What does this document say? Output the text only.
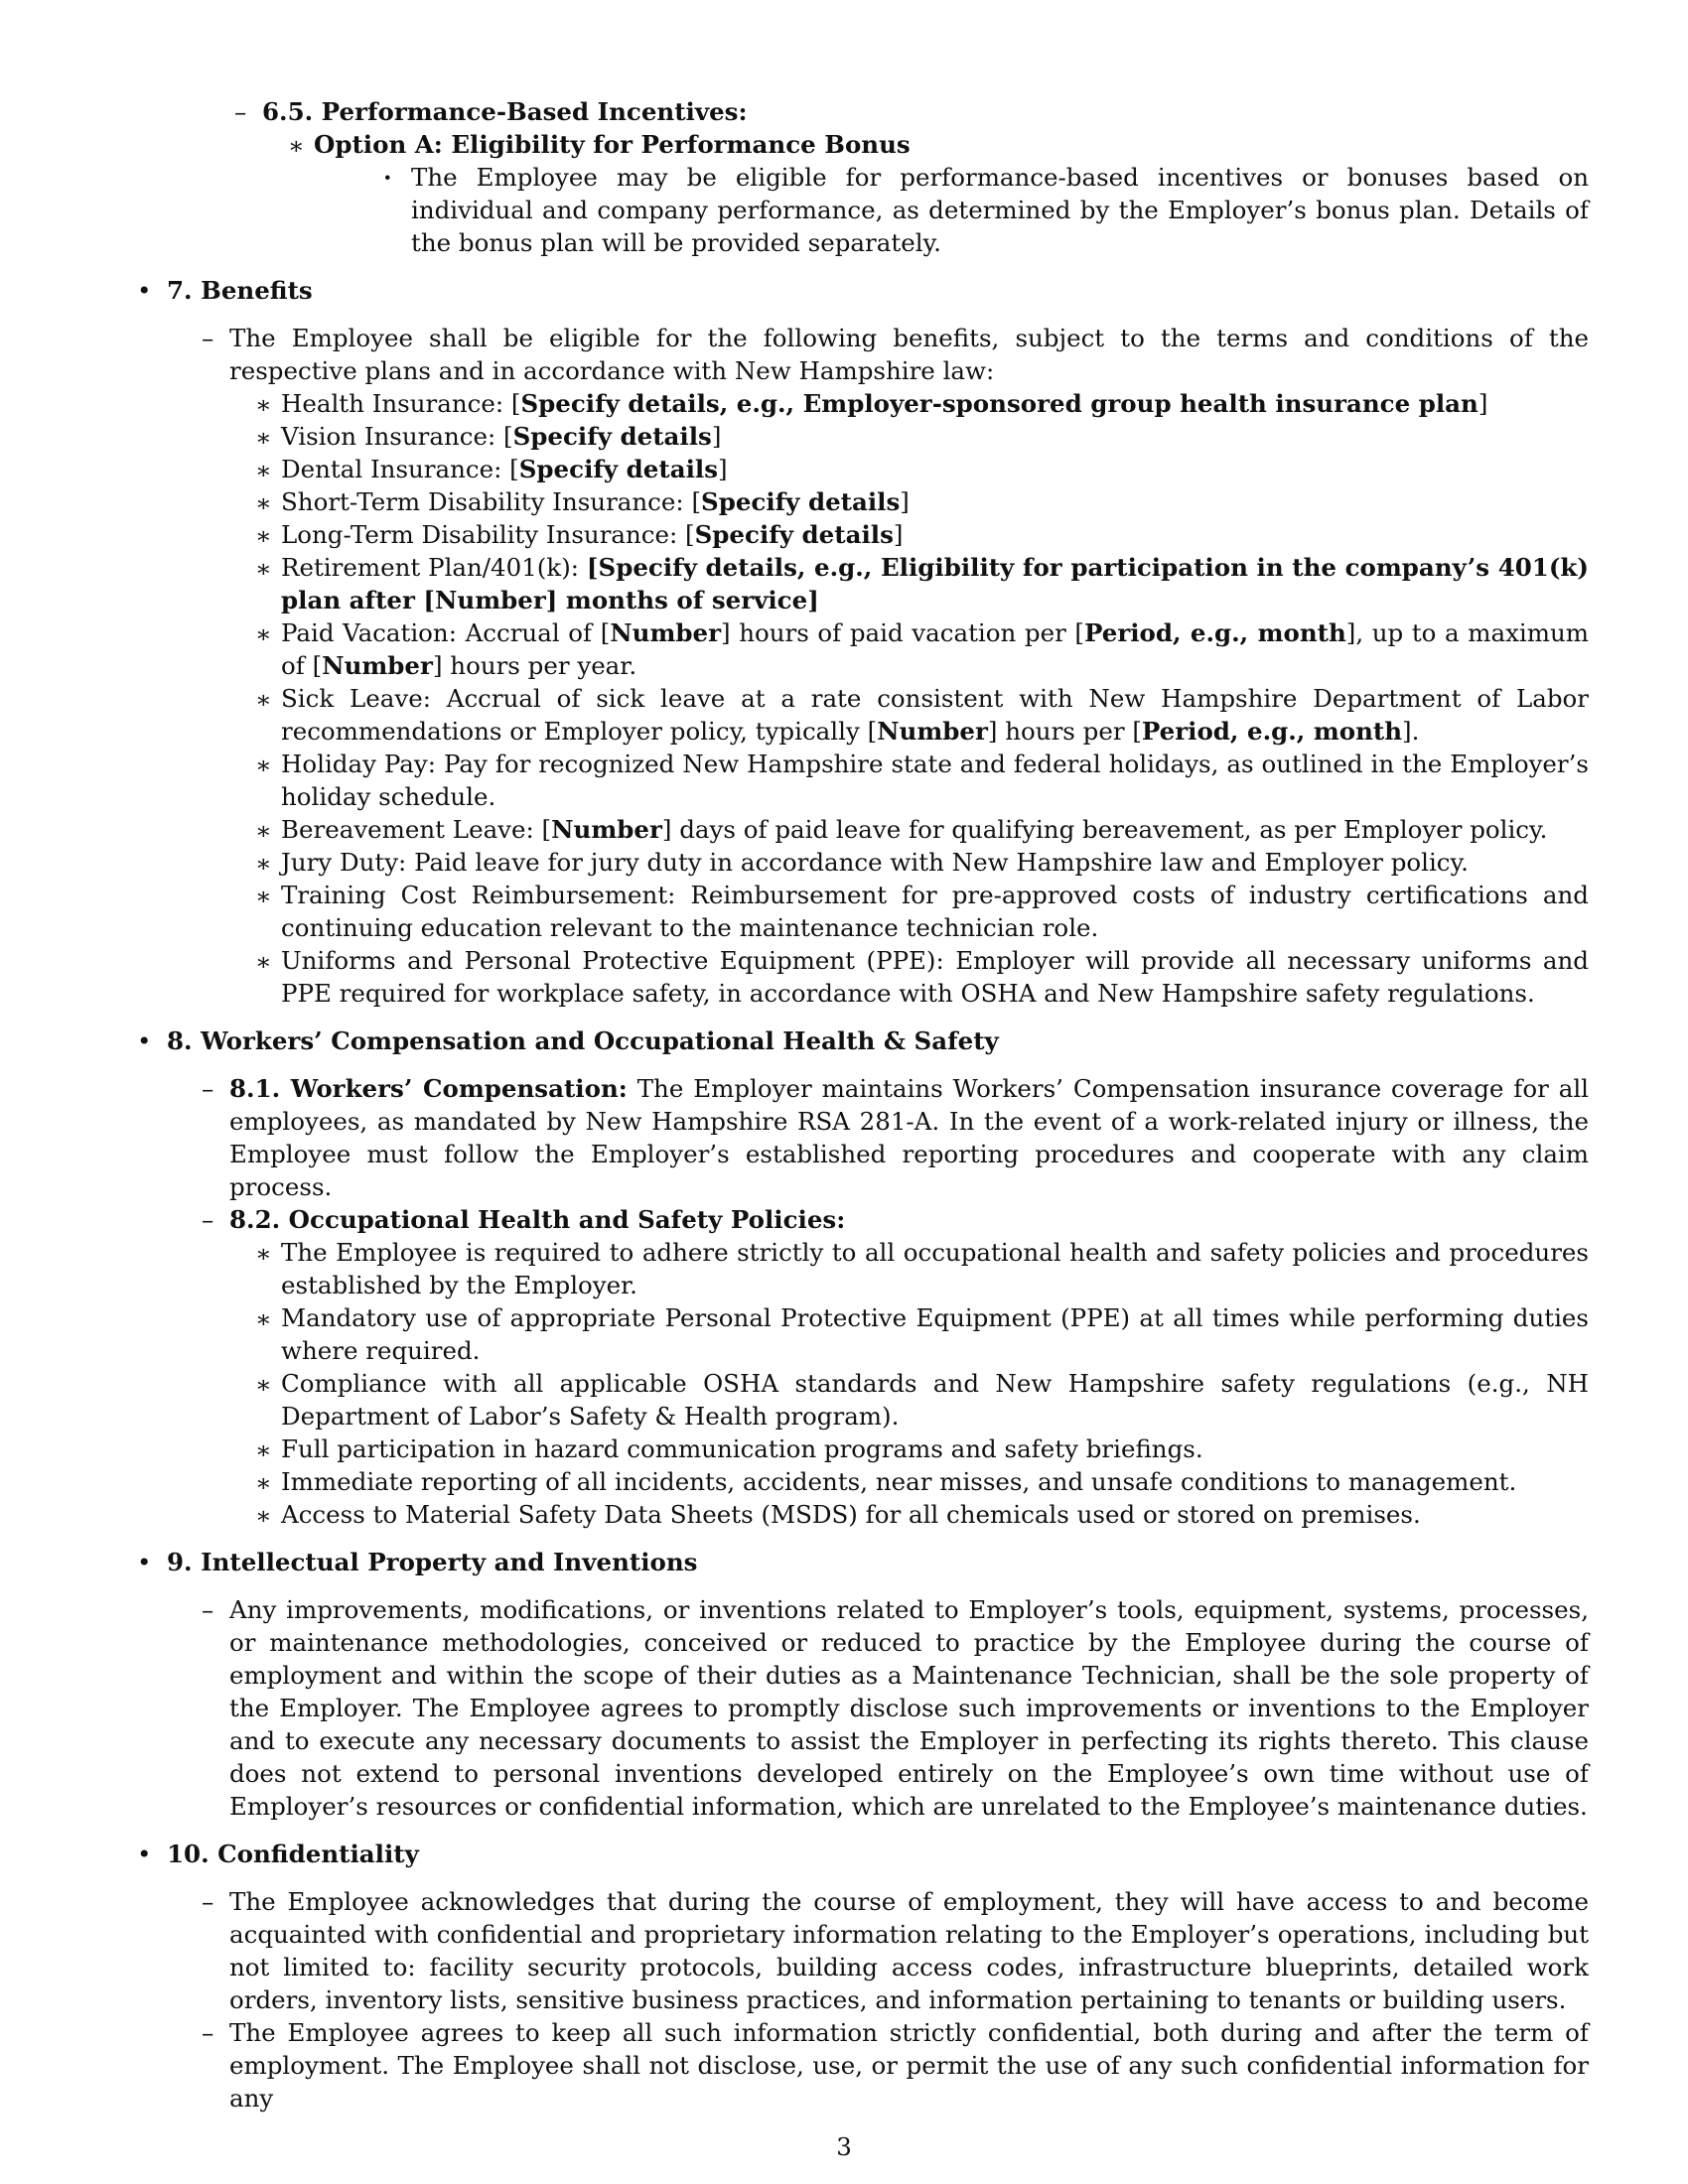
– 6.5. Performance-Based Incentives:
∗ Option A: Eligibility for Performance Bonus
· The Employee may be eligible for performance-based incentives or bonuses based on individual and company performance, as determined by the Employer’s bonus plan. Details of the bonus plan will be provided separately.
• 7. Benefits
– The Employee shall be eligible for the following benefits, subject to the terms and conditions of the respective plans and in accordance with New Hampshire law:
∗ Health Insurance: [Specify details, e.g., Employer-sponsored group health insurance plan]
∗ Vision Insurance: [Specify details]
∗ Dental Insurance: [Specify details]
∗ Short-Term Disability Insurance: [Specify details]
∗ Long-Term Disability Insurance: [Specify details]
∗ Retirement Plan/401(k): [Specify details, e.g., Eligibility for participation in the company’s 401(k) plan after [Number] months of service]
∗ Paid Vacation: Accrual of [Number] hours of paid vacation per [Period, e.g., month], up to a maximum of [Number] hours per year.
∗ Sick Leave: Accrual of sick leave at a rate consistent with New Hampshire Department of Labor recommendations or Employer policy, typically [Number] hours per [Period, e.g., month].
∗ Holiday Pay: Pay for recognized New Hampshire state and federal holidays, as outlined in the Employer’s holiday schedule.
∗ Bereavement Leave: [Number] days of paid leave for qualifying bereavement, as per Employer policy.
∗ Jury Duty: Paid leave for jury duty in accordance with New Hampshire law and Employer policy.
∗ Training Cost Reimbursement: Reimbursement for pre-approved costs of industry certifications and continuing education relevant to the maintenance technician role.
∗ Uniforms and Personal Protective Equipment (PPE): Employer will provide all necessary uniforms and PPE required for workplace safety, in accordance with OSHA and New Hampshire safety regulations.
• 8. Workers’ Compensation and Occupational Health & Safety
– 8.1. Workers’ Compensation: The Employer maintains Workers’ Compensation insurance coverage for all employees, as mandated by New Hampshire RSA 281-A. In the event of a work-related injury or illness, the Employee must follow the Employer’s established reporting procedures and cooperate with any claim process.
– 8.2. Occupational Health and Safety Policies:
∗ The Employee is required to adhere strictly to all occupational health and safety policies and procedures established by the Employer.
∗ Mandatory use of appropriate Personal Protective Equipment (PPE) at all times while performing duties where required.
∗ Compliance with all applicable OSHA standards and New Hampshire safety regulations (e.g., NH Department of Labor’s Safety & Health program).
∗ Full participation in hazard communication programs and safety briefings.
∗ Immediate reporting of all incidents, accidents, near misses, and unsafe conditions to management.
∗ Access to Material Safety Data Sheets (MSDS) for all chemicals used or stored on premises.
• 9. Intellectual Property and Inventions
– Any improvements, modifications, or inventions related to Employer’s tools, equipment, systems, processes, or maintenance methodologies, conceived or reduced to practice by the Employee during the course of employment and within the scope of their duties as a Maintenance Technician, shall be the sole property of the Employer. The Employee agrees to promptly disclose such improvements or inventions to the Employer and to execute any necessary documents to assist the Employer in perfecting its rights thereto. This clause does not extend to personal inventions developed entirely on the Employee’s own time without use of Employer’s resources or confidential information, which are unrelated to the Employee’s maintenance duties.
• 10. Confidentiality
– The Employee acknowledges that during the course of employment, they will have access to and become acquainted with confidential and proprietary information relating to the Employer’s operations, including but not limited to: facility security protocols, building access codes, infrastructure blueprints, detailed work orders, inventory lists, sensitive business practices, and information pertaining to tenants or building users.
– The Employee agrees to keep all such information strictly confidential, both during and after the term of employment. The Employee shall not disclose, use, or permit the use of any such confidential information for any
3
